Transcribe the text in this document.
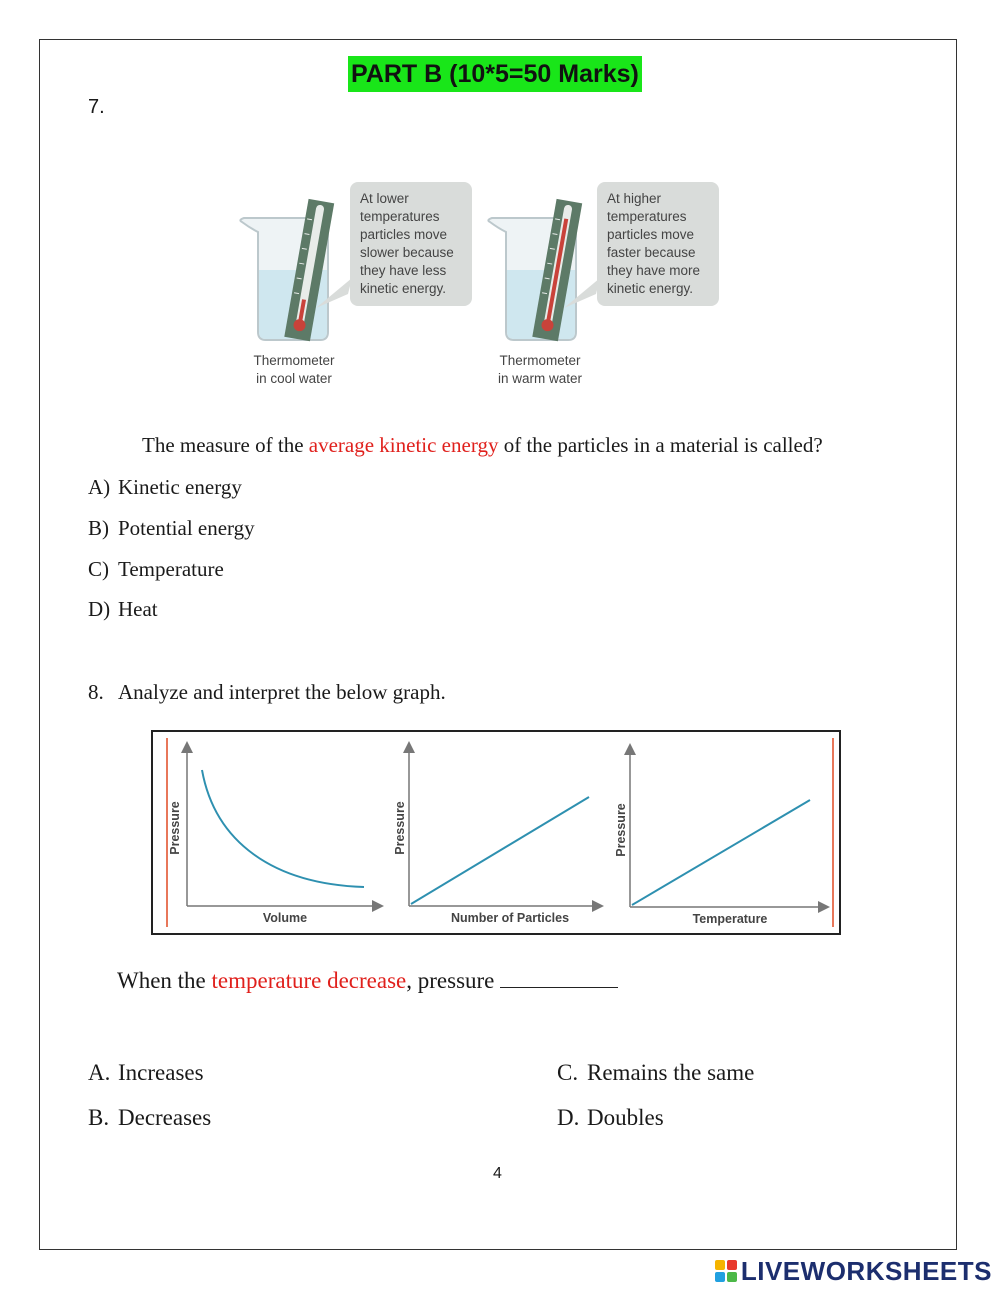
PART B (10*5=50 Marks)
7.
At lower
temperatures
particles move
slower because
they have less
kinetic energy.
At higher
temperatures
particles move
faster because
they have more
kinetic energy.
Thermometer
in cool water
Thermometer
in warm water
The measure of the average kinetic energy of the particles in a material is called?
A) Kinetic energy
B) Potential energy
C) Temperature
D) Heat
8. Analyze and interpret the below graph.
Volume
Pressure
Number of Particles
Pressure
Temperature
Pressure
When the temperature decrease, pressure
A. Increases
B. Decreases
C. Remains the same
D. Doubles
4
LIVEWORKSHEETS
